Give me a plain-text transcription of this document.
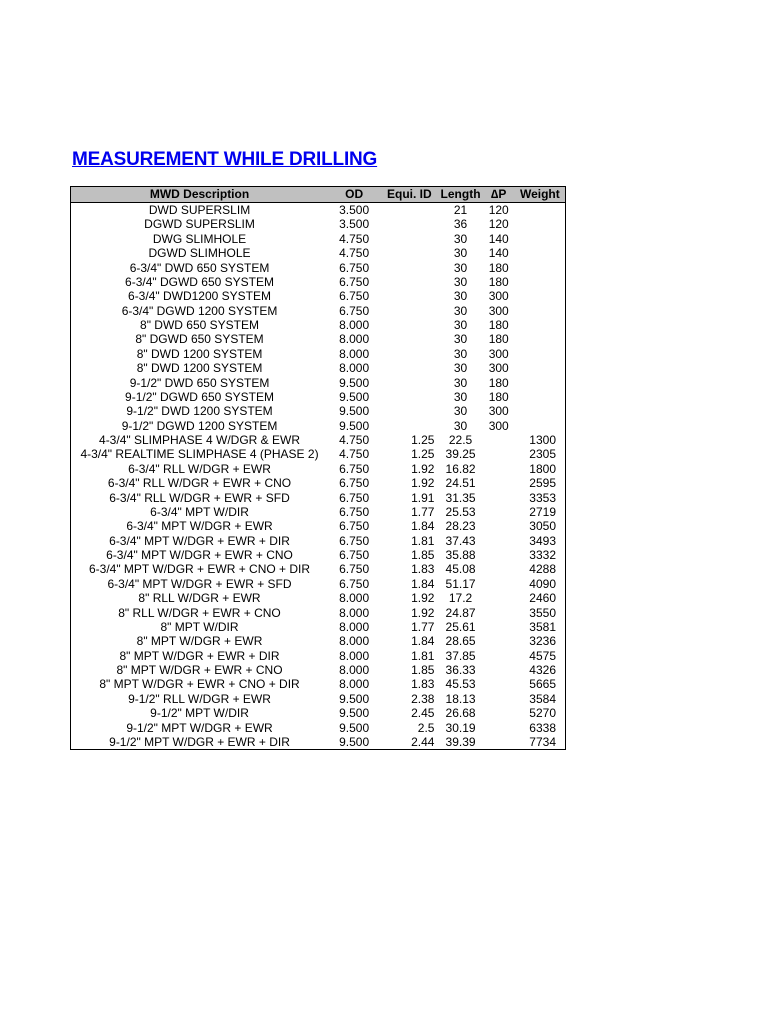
MEASUREMENT WHILE DRILLING
MWD Description	OD	Equi. ID	Length	∆P	Weight
DWD SUPERSLIM	3.500		21	120	
DGWD SUPERSLIM	3.500		36	120	
DWG SLIMHOLE	4.750		30	140	
DGWD SLIMHOLE	4.750		30	140	
6-3/4" DWD 650 SYSTEM	6.750		30	180	
6-3/4" DGWD 650 SYSTEM	6.750		30	180	
6-3/4" DWD1200 SYSTEM	6.750		30	300	
6-3/4" DGWD 1200 SYSTEM	6.750		30	300	
8" DWD 650 SYSTEM	8.000		30	180	
8" DGWD 650 SYSTEM	8.000		30	180	
8" DWD 1200 SYSTEM	8.000		30	300	
8" DWD 1200 SYSTEM	8.000		30	300	
9-1/2" DWD 650 SYSTEM	9.500		30	180	
9-1/2" DGWD 650 SYSTEM	9.500		30	180	
9-1/2" DWD 1200 SYSTEM	9.500		30	300	
9-1/2" DGWD 1200 SYSTEM	9.500		30	300	
4-3/4" SLIMPHASE 4 W/DGR & EWR	4.750	1.25	22.5		1300
4-3/4" REALTIME SLIMPHASE 4 (PHASE 2)	4.750	1.25	39.25		2305
6-3/4" RLL W/DGR + EWR	6.750	1.92	16.82		1800
6-3/4" RLL W/DGR + EWR + CNO	6.750	1.92	24.51		2595
6-3/4" RLL W/DGR + EWR + SFD	6.750	1.91	31.35		3353
6-3/4" MPT W/DIR	6.750	1.77	25.53		2719
6-3/4" MPT W/DGR + EWR	6.750	1.84	28.23		3050
6-3/4" MPT W/DGR + EWR + DIR	6.750	1.81	37.43		3493
6-3/4" MPT W/DGR + EWR + CNO	6.750	1.85	35.88		3332
6-3/4" MPT W/DGR + EWR + CNO + DIR	6.750	1.83	45.08		4288
6-3/4" MPT W/DGR + EWR + SFD	6.750	1.84	51.17		4090
8" RLL W/DGR + EWR	8.000	1.92	17.2		2460
8" RLL W/DGR + EWR + CNO	8.000	1.92	24.87		3550
8" MPT W/DIR	8.000	1.77	25.61		3581
8" MPT W/DGR + EWR	8.000	1.84	28.65		3236
8" MPT W/DGR + EWR + DIR	8.000	1.81	37.85		4575
8" MPT W/DGR + EWR + CNO	8.000	1.85	36.33		4326
8" MPT W/DGR + EWR + CNO + DIR	8.000	1.83	45.53		5665
9-1/2" RLL W/DGR + EWR	9.500	2.38	18.13		3584
9-1/2" MPT W/DIR	9.500	2.45	26.68		5270
9-1/2" MPT W/DGR + EWR	9.500	2.5	30.19		6338
9-1/2" MPT W/DGR + EWR + DIR	9.500	2.44	39.39		7734
